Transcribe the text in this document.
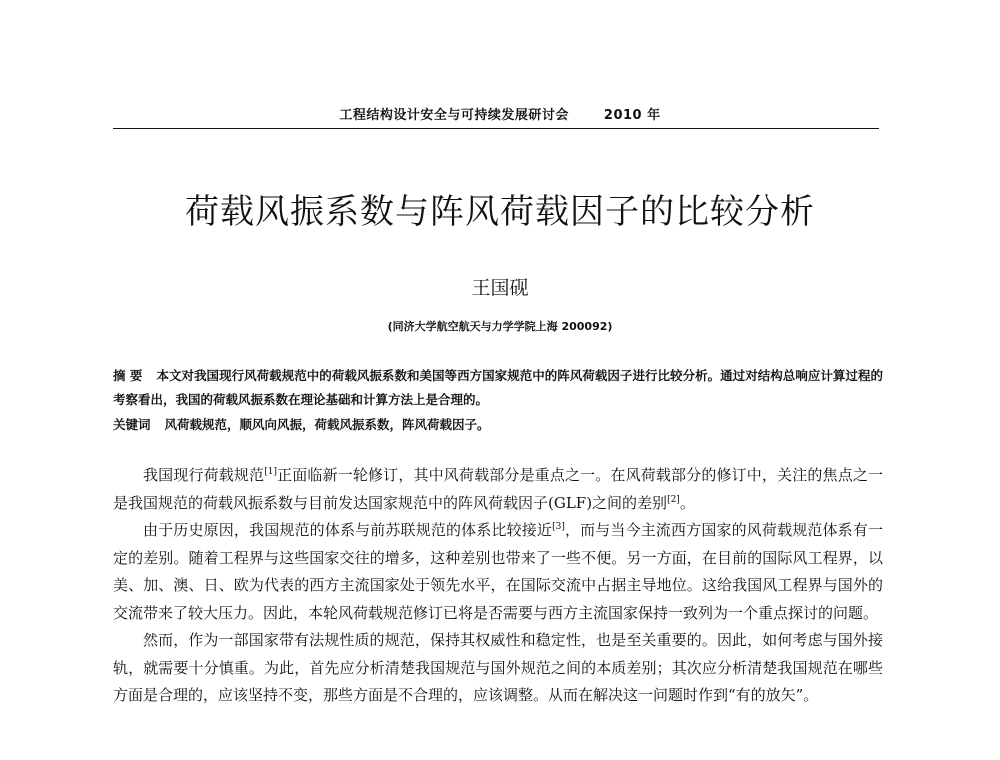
工程结构设计安全与可持续发展研讨会	2010 年
荷载风振系数与阵风荷载因子的比较分析
王国砚
(同济大学航空航天与力学学院上海 200092)
摘 要 本文对我国现行风荷载规范中的荷载风振系数和美国等西方国家规范中的阵风荷载因子进行比较分析。通过对结构总响应计算过程的考察看出，我国的荷载风振系数在理论基础和计算方法上是合理的。
关键词 风荷载规范，顺风向风振，荷载风振系数，阵风荷载因子。

我国现行荷载规范[1]正面临新一轮修订，其中风荷载部分是重点之一。在风荷载部分的修订中，关注的焦点之一是我国规范的荷载风振系数与目前发达国家规范中的阵风荷载因子(GLF)之间的差别[2]。

由于历史原因，我国规范的体系与前苏联规范的体系比较接近[3]，而与当今主流西方国家的风荷载规范体系有一定的差别。随着工程界与这些国家交往的增多，这种差别也带来了一些不便。另一方面，在目前的国际风工程界，以美、加、澳、日、欧为代表的西方主流国家处于领先水平，在国际交流中占据主导地位。这给我国风工程界与国外的交流带来了较大压力。因此，本轮风荷载规范修订已将是否需要与西方主流国家保持一致列为一个重点探讨的问题。

然而，作为一部国家带有法规性质的规范，保持其权威性和稳定性，也是至关重要的。因此，如何考虑与国外接轨，就需要十分慎重。为此，首先应分析清楚我国规范与国外规范之间的本质差别；其次应分析清楚我国规范在哪些方面是合理的，应该坚持不变，那些方面是不合理的，应该调整。从而在解决这一问题时作到“有的放矢”。
